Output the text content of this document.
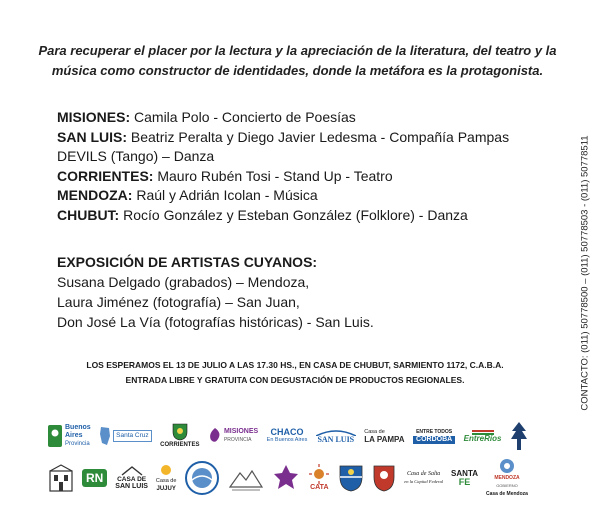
Para recuperar el placer por la lectura y la apreciación de la literatura, del teatro y la
música como constructor de identidades, donde la metáfora es la protagonista.
MISIONES: Camila Polo - Concierto de Poesías
SAN LUIS: Beatriz Peralta y Diego Javier Ledesma - Compañía Pampas
DEVILS (Tango) – Danza
CORRIENTES: Mauro Rubén Tosi - Stand Up - Teatro
MENDOZA: Raúl y Adrián Icolan - Música
CHUBUT: Rocío González y Esteban González (Folklore) - Danza
EXPOSICIÓN DE ARTISTAS CUYANOS:
Susana Delgado (grabados) – Mendoza,
Laura Jiménez (fotografía) – San Juan,
Don José La Vía (fotografías históricas) - San Luis.
LOS ESPERAMOS EL 13 DE JULIO A LAS 17.30 HS., EN CASA DE CHUBUT, SARMIENTO 1172, C.A.B.A.
ENTRADA LIBRE Y GRATUITA CON DEGUSTACIÓN DE PRODUCTOS REGIONALES.	CONTACTO: (011) 50778500 – (011) 50778503 - (011) 50778511
Buenos
Aires
Provincia
Santa Cruz
CORRIENTES
MISIONES
PROVINCIA
CHACO
En Buenos Aires SAN LUIS
Casa de
LA PAMPA
ENTRE TODOS
CÓRDOBA	EntreRíos
RN	CASA DE
SAN LUIS
Casa de
JUJUY	CATA
Casa de Salta
en la Capital Federal
SANTA
FE	MENDOZA
GOBIERNO
Casa de Mendoza
